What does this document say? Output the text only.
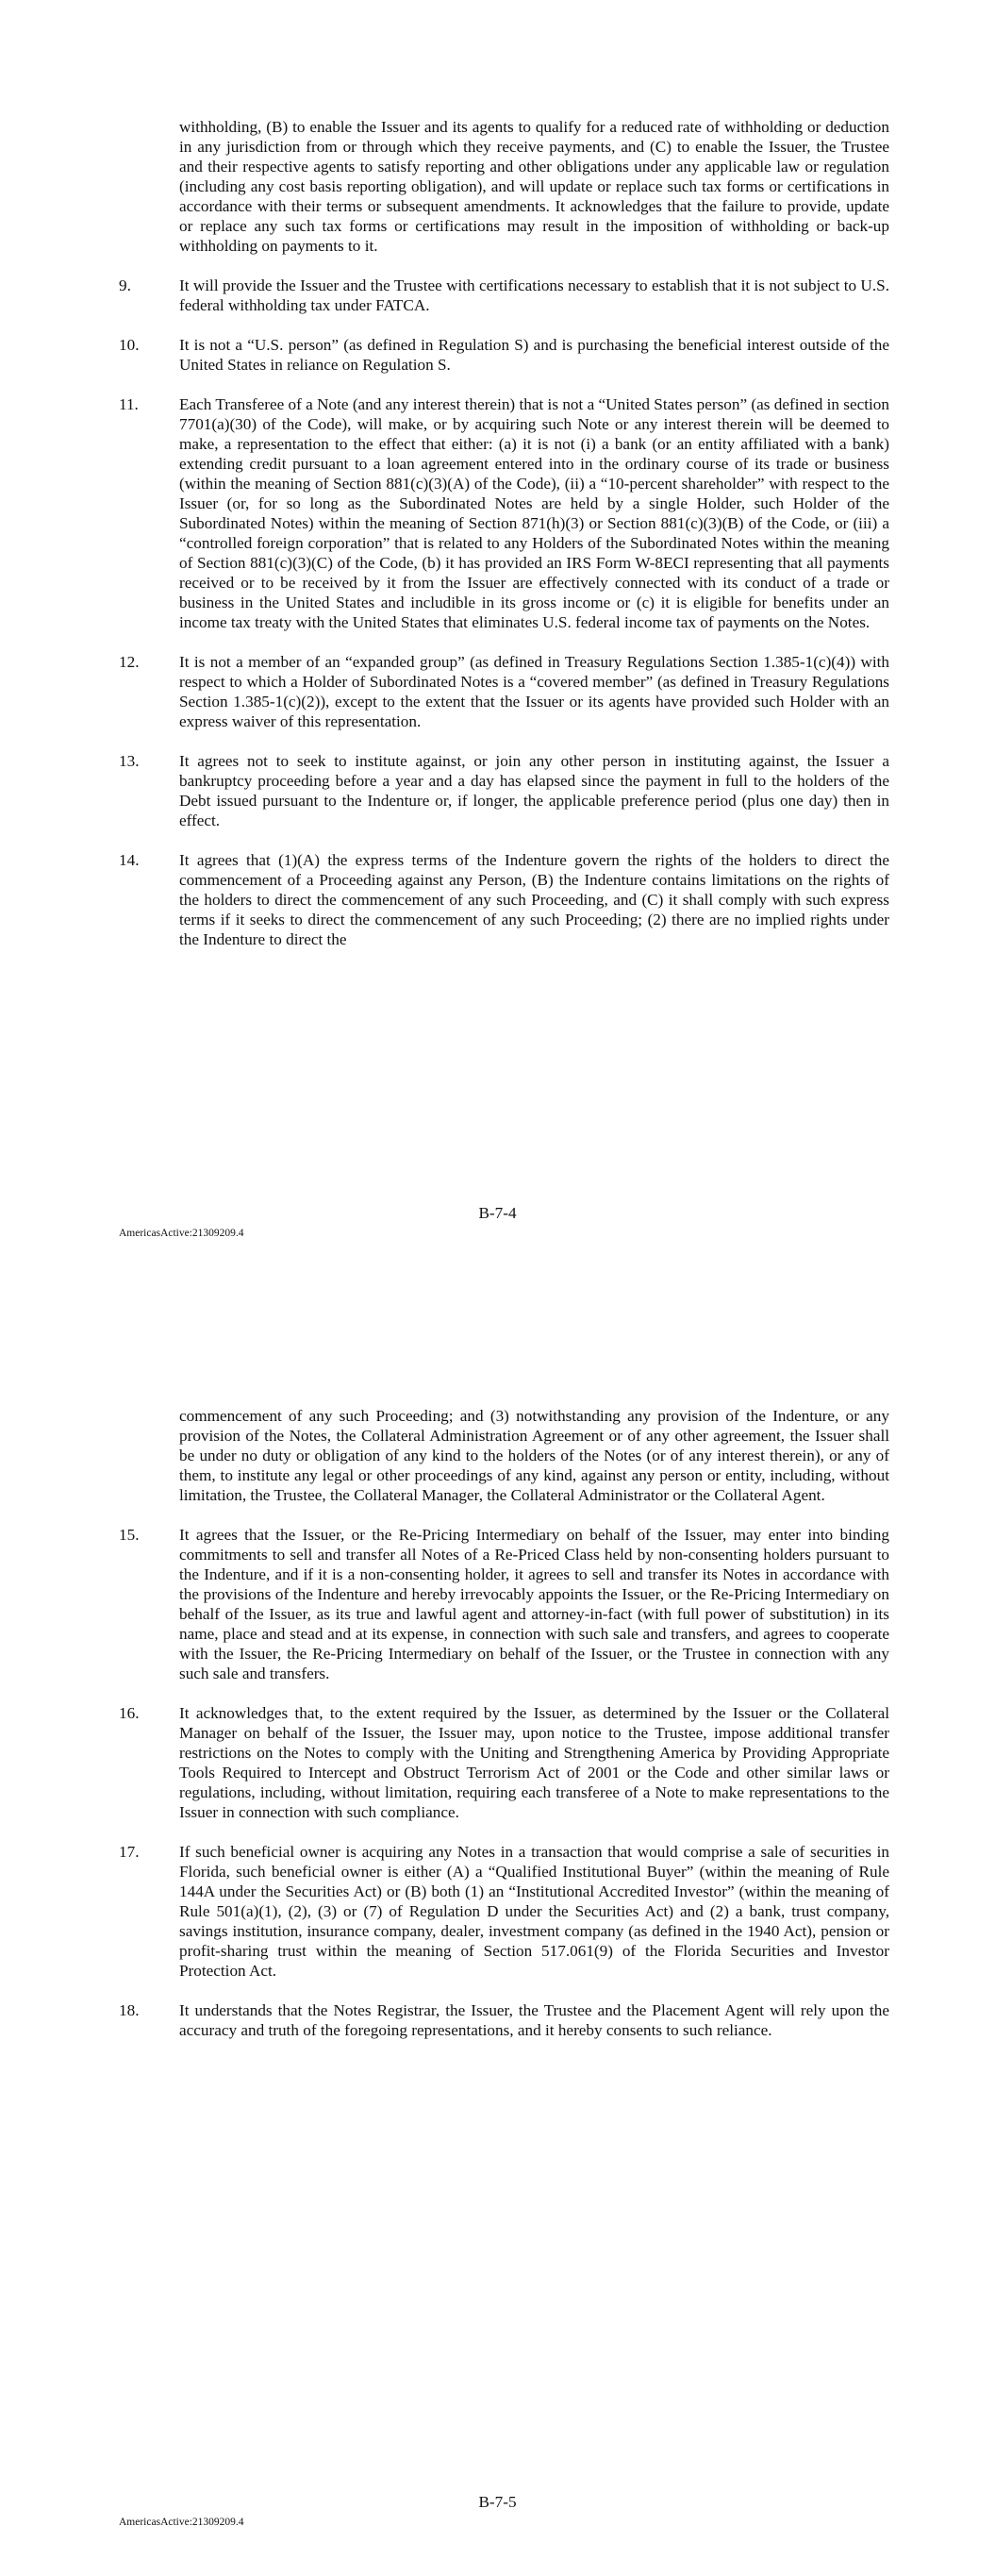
withholding, (B) to enable the Issuer and its agents to qualify for a reduced rate of withholding or deduction in any jurisdiction from or through which they receive payments, and (C) to enable the Issuer, the Trustee and their respective agents to satisfy reporting and other obligations under any applicable law or regulation (including any cost basis reporting obligation), and will update or replace such tax forms or certifications in accordance with their terms or subsequent amendments. It acknowledges that the failure to provide, update or replace any such tax forms or certifications may result in the imposition of withholding or back-up withholding on payments to it.

9.	It will provide the Issuer and the Trustee with certifications necessary to establish that it is not subject to U.S. federal withholding tax under FATCA.

10.	It is not a “U.S. person” (as defined in Regulation S) and is purchasing the beneficial interest outside of the United States in reliance on Regulation S.

11.	Each Transferee of a Note (and any interest therein) that is not a “United States person” (as defined in section 7701(a)(30) of the Code), will make, or by acquiring such Note or any interest therein will be deemed to make, a representation to the effect that either: (a) it is not (i) a bank (or an entity affiliated with a bank) extending credit pursuant to a loan agreement entered into in the ordinary course of its trade or business (within the meaning of Section 881(c)(3)(A) of the Code), (ii) a “10-percent shareholder” with respect to the Issuer (or, for so long as the Subordinated Notes are held by a single Holder, such Holder of the Subordinated Notes) within the meaning of Section 871(h)(3) or Section 881(c)(3)(B) of the Code, or (iii) a “controlled foreign corporation” that is related to any Holders of the Subordinated Notes within the meaning of Section 881(c)(3)(C) of the Code, (b) it has provided an IRS Form W-8ECI representing that all payments received or to be received by it from the Issuer are effectively connected with its conduct of a trade or business in the United States and includible in its gross income or (c) it is eligible for benefits under an income tax treaty with the United States that eliminates U.S. federal income tax of payments on the Notes.

12.	It is not a member of an “expanded group” (as defined in Treasury Regulations Section 1.385-1(c)(4)) with respect to which a Holder of Subordinated Notes is a “covered member” (as defined in Treasury Regulations Section 1.385-1(c)(2)), except to the extent that the Issuer or its agents have provided such Holder with an express waiver of this representation.

13.	It agrees not to seek to institute against, or join any other person in instituting against, the Issuer a bankruptcy proceeding before a year and a day has elapsed since the payment in full to the holders of the Debt issued pursuant to the Indenture or, if longer, the applicable preference period (plus one day) then in effect.

14.	It agrees that (1)(A) the express terms of the Indenture govern the rights of the holders to direct the commencement of a Proceeding against any Person, (B) the Indenture contains limitations on the rights of the holders to direct the commencement of any such Proceeding, and (C) it shall comply with such express terms if it seeks to direct the commencement of any such Proceeding; (2) there are no implied rights under the Indenture to direct the

B-7-4
AmericasActive:21309209.4

commencement of any such Proceeding; and (3) notwithstanding any provision of the Indenture, or any provision of the Notes, the Collateral Administration Agreement or of any other agreement, the Issuer shall be under no duty or obligation of any kind to the holders of the Notes (or of any interest therein), or any of them, to institute any legal or other proceedings of any kind, against any person or entity, including, without limitation, the Trustee, the Collateral Manager, the Collateral Administrator or the Collateral Agent.

15.	It agrees that the Issuer, or the Re-Pricing Intermediary on behalf of the Issuer, may enter into binding commitments to sell and transfer all Notes of a Re-Priced Class held by non-consenting holders pursuant to the Indenture, and if it is a non-consenting holder, it agrees to sell and transfer its Notes in accordance with the provisions of the Indenture and hereby irrevocably appoints the Issuer, or the Re-Pricing Intermediary on behalf of the Issuer, as its true and lawful agent and attorney-in-fact (with full power of substitution) in its name, place and stead and at its expense, in connection with such sale and transfers, and agrees to cooperate with the Issuer, the Re-Pricing Intermediary on behalf of the Issuer, or the Trustee in connection with any such sale and transfers.

16.	It acknowledges that, to the extent required by the Issuer, as determined by the Issuer or the Collateral Manager on behalf of the Issuer, the Issuer may, upon notice to the Trustee, impose additional transfer restrictions on the Notes to comply with the Uniting and Strengthening America by Providing Appropriate Tools Required to Intercept and Obstruct Terrorism Act of 2001 or the Code and other similar laws or regulations, including, without limitation, requiring each transferee of a Note to make representations to the Issuer in connection with such compliance.

17.	If such beneficial owner is acquiring any Notes in a transaction that would comprise a sale of securities in Florida, such beneficial owner is either (A) a “Qualified Institutional Buyer” (within the meaning of Rule 144A under the Securities Act) or (B) both (1) an “Institutional Accredited Investor” (within the meaning of Rule 501(a)(1), (2), (3) or (7) of Regulation D under the Securities Act) and (2) a bank, trust company, savings institution, insurance company, dealer, investment company (as defined in the 1940 Act), pension or profit-sharing trust within the meaning of Section 517.061(9) of the Florida Securities and Investor Protection Act.

18.	It understands that the Notes Registrar, the Issuer, the Trustee and the Placement Agent will rely upon the accuracy and truth of the foregoing representations, and it hereby consents to such reliance.

B-7-5
AmericasActive:21309209.4
